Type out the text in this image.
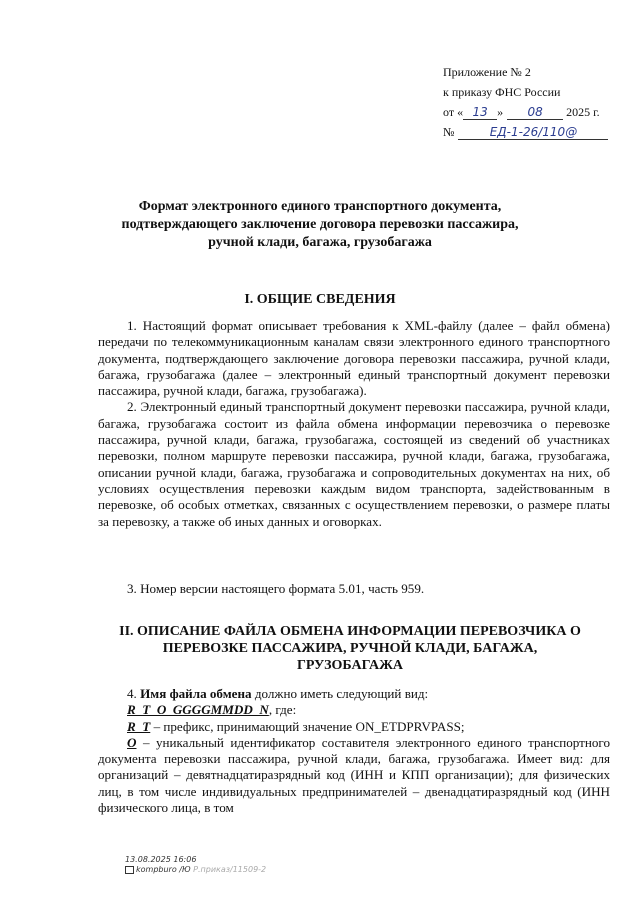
Приложение № 2
к приказу ФНС России
от « 13 » 08 2025 г.
№	ЕД-1-26/110@
Формат электронного единого транспортного документа,
подтверждающего заключение договора перевозки пассажира,
ручной клади, багажа, грузобагажа
I. ОБЩИЕ СВЕДЕНИЯ

1. Настоящий формат описывает требования к XML-файлу (далее – файл обмена) передачи по телекоммуникационным каналам связи электронного единого транспортного документа, подтверждающего заключение договора перевозки пассажира, ручной клади, багажа, грузобагажа (далее – электронный единый транспортный документ перевозки пассажира, ручной клади, багажа, грузобагажа).

2. Электронный единый транспортный документ перевозки пассажира, ручной клади, багажа, грузобагажа состоит из файла обмена информации перевозчика о перевозке пассажира, ручной клади, багажа, грузобагажа, состоящей из сведений об участниках перевозки, полном маршруте перевозки пассажира, ручной клади, багажа, грузобагажа, описании ручной клади, багажа, грузобагажа и сопроводительных документах на них, об условиях осуществления перевозки каждым видом транспорта, задействованным в перевозке, об особых отметках, связанных с осуществлением перевозки, о размере платы за перевозку, а также об иных данных и оговорках.

3. Номер версии настоящего формата 5.01, часть 959.

II. ОПИСАНИЕ ФАЙЛА ОБМЕНА ИНФОРМАЦИИ ПЕРЕВОЗЧИКА О
ПЕРЕВОЗКЕ ПАССАЖИРА, РУЧНОЙ КЛАДИ, БАГАЖА,
ГРУЗОБАГАЖА

4. Имя файла обмена должно иметь следующий вид:

R_T_O_GGGGMMDD_N, где:

R_T – префикс, принимающий значение ON_ETDPRVPASS;

O – уникальный идентификатор составителя электронного единого транспортного документа перевозки пассажира, ручной клади, багажа, грузобагажа. Имеет вид: для организаций – девятнадцатиразрядный код (ИНН и КПП организации); для физических лиц, в том числе индивидуальных предпринимателей – двенадцатиразрядный код (ИНН физического лица, в том

13.08.2025 16:06
kompburo /Ю Р.приказ/11509-2
